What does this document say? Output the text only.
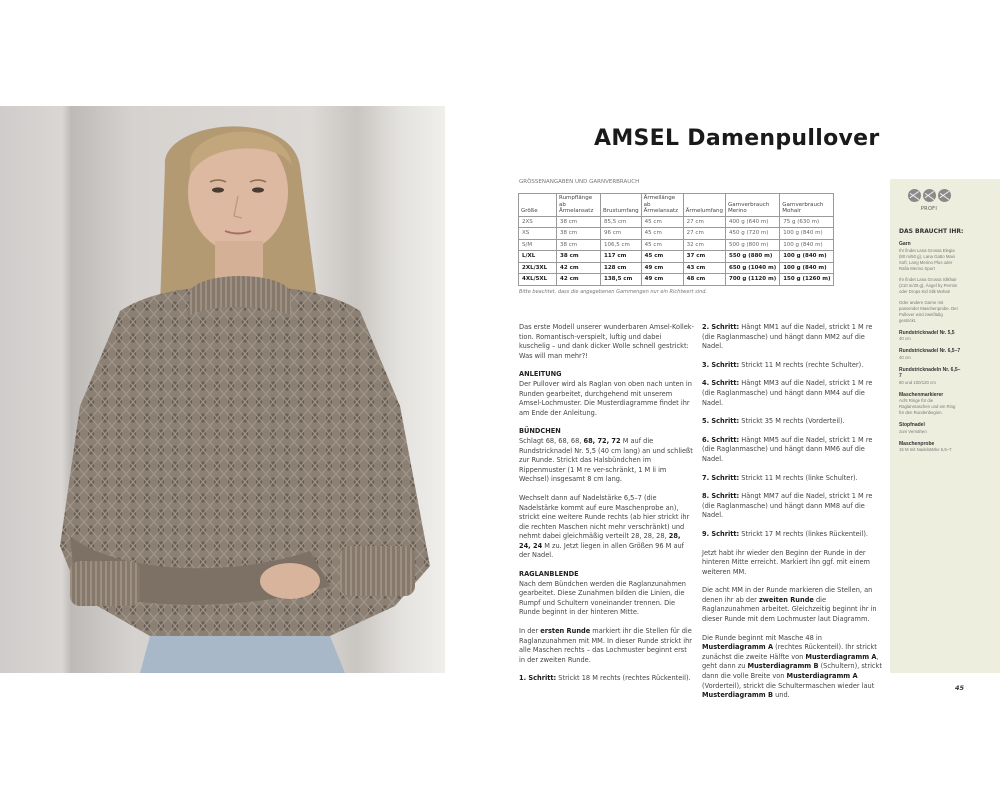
Das Model trägt Größe S/M
AMSEL Damenpullover
GRÖSSENANGABEN UND GARNVERBRAUCH
Größe	Rumpflänge ab Ärmelansatz	Brustumfang	Ärmellänge ab Ärmelansatz	Ärmelumfang	Garnverbrauch Merino	Garnverbrauch Mohair
2XS	38 cm	85,5 cm	45 cm	27 cm	400 g (640 m)	75 g (630 m)
XS	38 cm	96 cm	45 cm	27 cm	450 g (720 m)	100 g (840 m)
S/M	38 cm	106,5 cm	45 cm	32 cm	500 g (800 m)	100 g (840 m)
L/XL	38 cm	117 cm	45 cm	37 cm	550 g (880 m)	100 g (840 m)
2XL/3XL	42 cm	128 cm	49 cm	43 cm	650 g (1040 m)	100 g (840 m)
4XL/5XL	42 cm	138,5 cm	49 cm	48 cm	700 g (1120 m)	150 g (1260 m)
Bitte beachtet, dass die angegebenen Garnmengen nur ein Richtwert sind.

Das erste Modell unserer wunderbaren Amsel-Kollek-tion. Romantisch-verspielt, luftig und dabei kuschelig – und dank dicker Wolle schnell gestrickt: Was will man mehr?!

ANLEITUNG

Der Pullover wird als Raglan von oben nach unten in Runden gearbeitet, durchgehend mit unserem Amsel-Lochmuster. Die Musterdiagramme findet ihr am Ende der Anleitung.

BÜNDCHEN

Schlagt 68, 68, 68, 68, 72, 72 M auf die Rundstricknadel Nr. 5,5 (40 cm lang) an und schließt zur Runde. Strickt das Halsbündchen im Rippenmuster (1 M re ver-schränkt, 1 M li im Wechsel) insgesamt 8 cm lang.

Wechselt dann auf Nadelstärke 6,5–7 (die Nadelstärke kommt auf eure Maschenprobe an), strickt eine weitere Runde rechts (ab hier strickt ihr die rechten Maschen nicht mehr verschränkt) und nehmt dabei gleichmäßig verteilt 28, 28, 28, 28, 24, 24 M zu. Jetzt liegen in allen Größen 96 M auf der Nadel.

RAGLANBLENDE

Nach dem Bündchen werden die Raglanzunahmen gearbeitet. Diese Zunahmen bilden die Linien, die Rumpf und Schultern voneinander trennen. Die Runde beginnt in der hinteren Mitte.

In der ersten Runde markiert ihr die Stellen für die Raglanzunahmen mit MM. In dieser Runde strickt ihr alle Maschen rechts – das Lochmuster beginnt erst in der zweiten Runde.

1. Schritt: Strickt 18 M rechts (rechtes Rückenteil).

2. Schritt: Hängt MM1 auf die Nadel, strickt 1 M re (die Raglanmasche) und hängt dann MM2 auf die Nadel.

3. Schritt: Strickt 11 M rechts (rechte Schulter).

4. Schritt: Hängt MM3 auf die Nadel, strickt 1 M re (die Raglanmasche) und hängt dann MM4 auf die Nadel.

5. Schritt: Strickt 35 M rechts (Vorderteil).

6. Schritt: Hängt MM5 auf die Nadel, strickt 1 M re (die Raglanmasche) und hängt dann MM6 auf die Nadel.

7. Schritt: Strickt 11 M rechts (linke Schulter).

8. Schritt: Hängt MM7 auf die Nadel, strickt 1 M re (die Raglanmasche) und hängt dann MM8 auf die Nadel.

9. Schritt: Strickt 17 M rechts (linkes Rückenteil).

Jetzt habt ihr wieder den Beginn der Runde in der hinteren Mitte erreicht. Markiert ihn ggf. mit einem weiteren MM.

Die acht MM in der Runde markieren die Stellen, an denen ihr ab der zweiten Runde die Raglanzunahmen arbeitet. Gleichzeitig beginnt ihr in dieser Runde mit dem Lochmuster laut Diagramm.

Die Runde beginnt mit Masche 48 in Musterdiagramm A (rechtes Rückenteil). Ihr strickt zunächst die zweite Hälfte von Musterdiagramm A, geht dann zu Musterdiagramm B (Schultern), strickt dann die volle Breite von Musterdiagramm A (Vorderteil), strickt die Schultermaschen wieder laut Musterdiagramm B und.

PROFI
DAS BRAUCHT IHR:
Garn
Ihr findet Lana Grossa Elegia (80 m/50 g), Lana Gatto Maxi Soft, Lang Merino Plus oder Rafia Merino Sport
Ihr findet Lana Grossa Silkhair (210 m/25 g), Ángel by Permin oder Drops Kid Silk Mohair
Oder andere Garne mit passender Maschenprobe. Der Pullover wird zweifädig gestrickt.
Rundstricknadel Nr. 5,5
40 cm
Rundstricknadel Nr. 6,5–7
40 cm
Rundstricknadeln Nr. 6,5–7
80 und 100/120 cm
Maschenmarkierer
Acht Ringe für die Raglanmaschen und ein Ring für den Rundenbeginn.
Stopfnadel
zum Vernähen
Maschenprobe
15 M mit Nadelstärke 6,5–7
45
